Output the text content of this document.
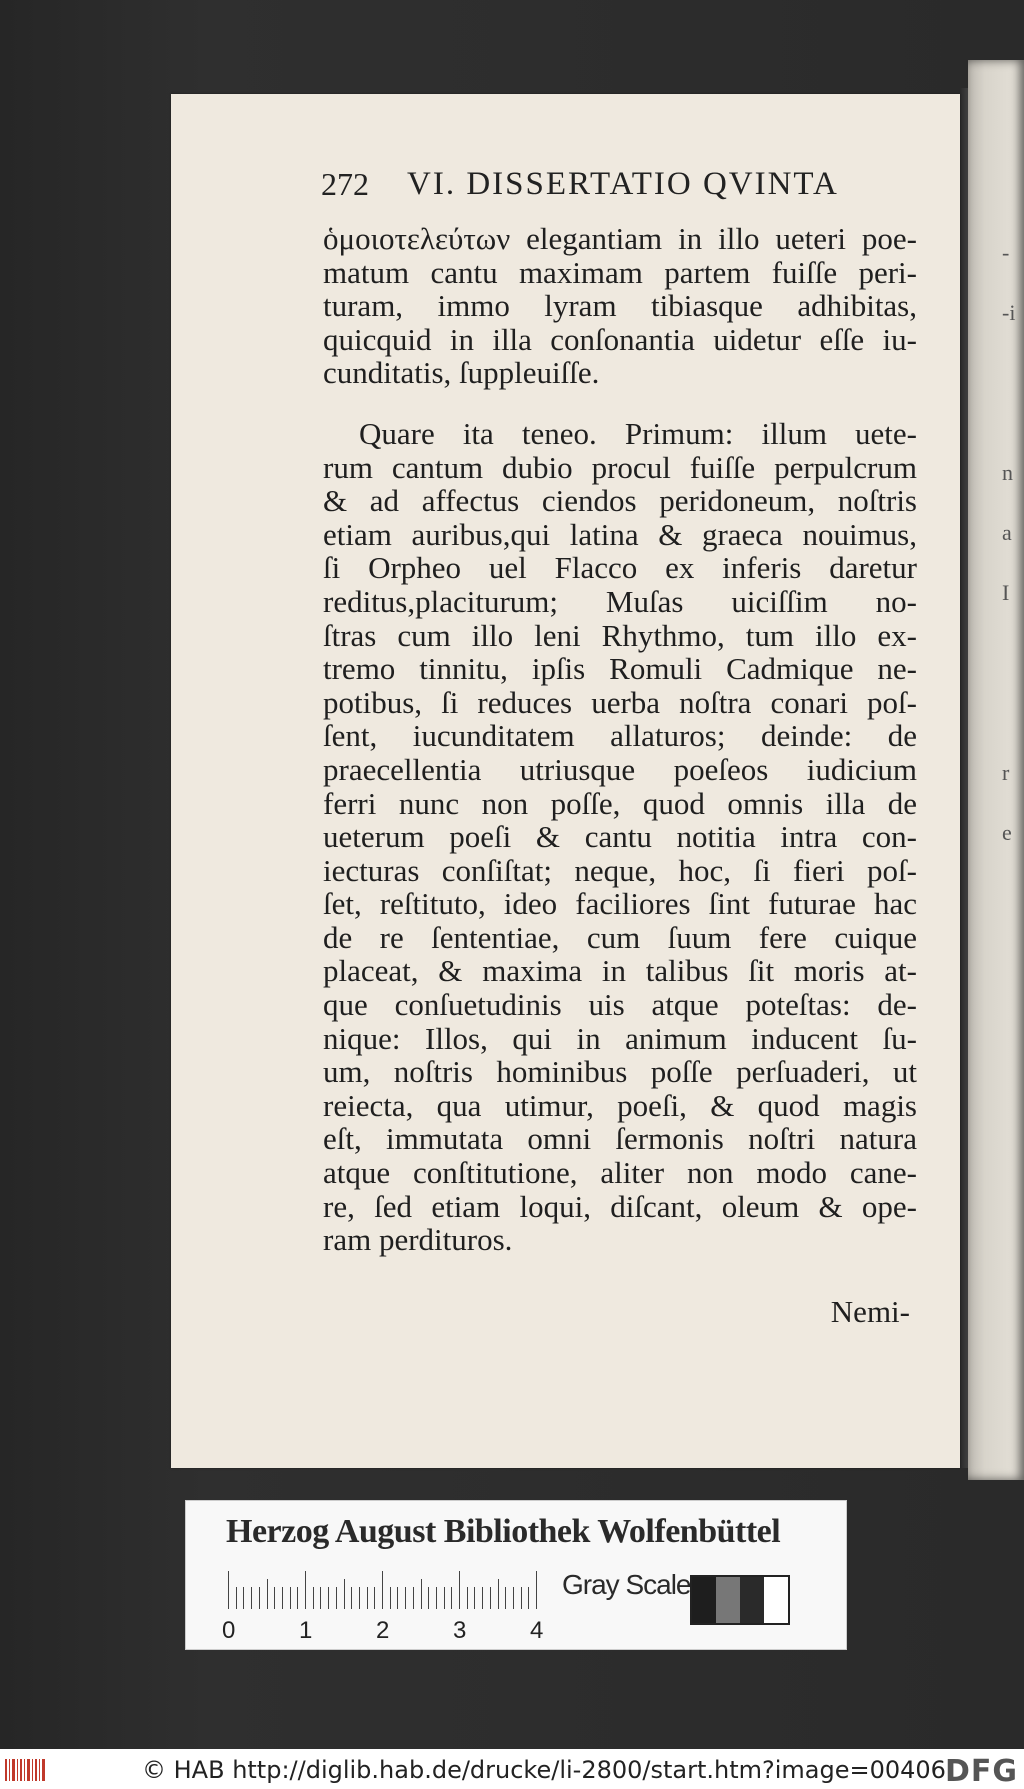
-
-i
n
a
I
r
e
272 VI. DISSERTATIO QVINTA
ὁμοιοτελεύτων elegantiam in illo ueteri poe-
matum cantu maximam partem fuiſſe peri-
turam, immo lyram tibiasque adhibitas,
quicquid in illa conſonantia uidetur eſſe iu-
cunditatis, ſuppleuiſſe.
Quare ita teneo. Primum: illum uete-
rum cantum dubio procul fuiſſe perpulcrum
& ad affectus ciendos peridoneum, noſtris
etiam auribus,qui latina & graeca nouimus,
ſi Orpheo uel Flacco ex inferis daretur
reditus,placiturum; Muſas uiciſſim no-
ſtras cum illo leni Rhythmo, tum illo ex-
tremo tinnitu, ipſis Romuli Cadmique ne-
potibus, ſi reduces uerba noſtra conari poſ-
ſent, iucunditatem allaturos; deinde: de
praecellentia utriusque poeſeos iudicium
ferri nunc non poſſe, quod omnis illa de
ueterum poeſi & cantu notitia intra con-
iecturas conſiſtat; neque, hoc, ſi fieri poſ-
ſet, reſtituto, ideo faciliores ſint futurae hac
de re ſententiae, cum ſuum fere cuique
placeat, & maxima in talibus ſit moris at-
que conſuetudinis uis atque poteſtas: de-
nique: Illos, qui in animum inducent ſu-
um, noſtris hominibus poſſe perſuaderi, ut
reiecta, qua utimur, poeſi, & quod magis
eſt, immutata omni ſermonis noſtri natura
atque conſtitutione, aliter non modo cane-
re, ſed etiam loqui, diſcant, oleum & ope-
ram perdituros.
Nemi-
Herzog August Bibliothek Wolfenbüttel
0	1	2	3	4
Gray Scale
© HAB http://diglib.hab.de/drucke/li-2800/start.htm?image=00406 DFG
